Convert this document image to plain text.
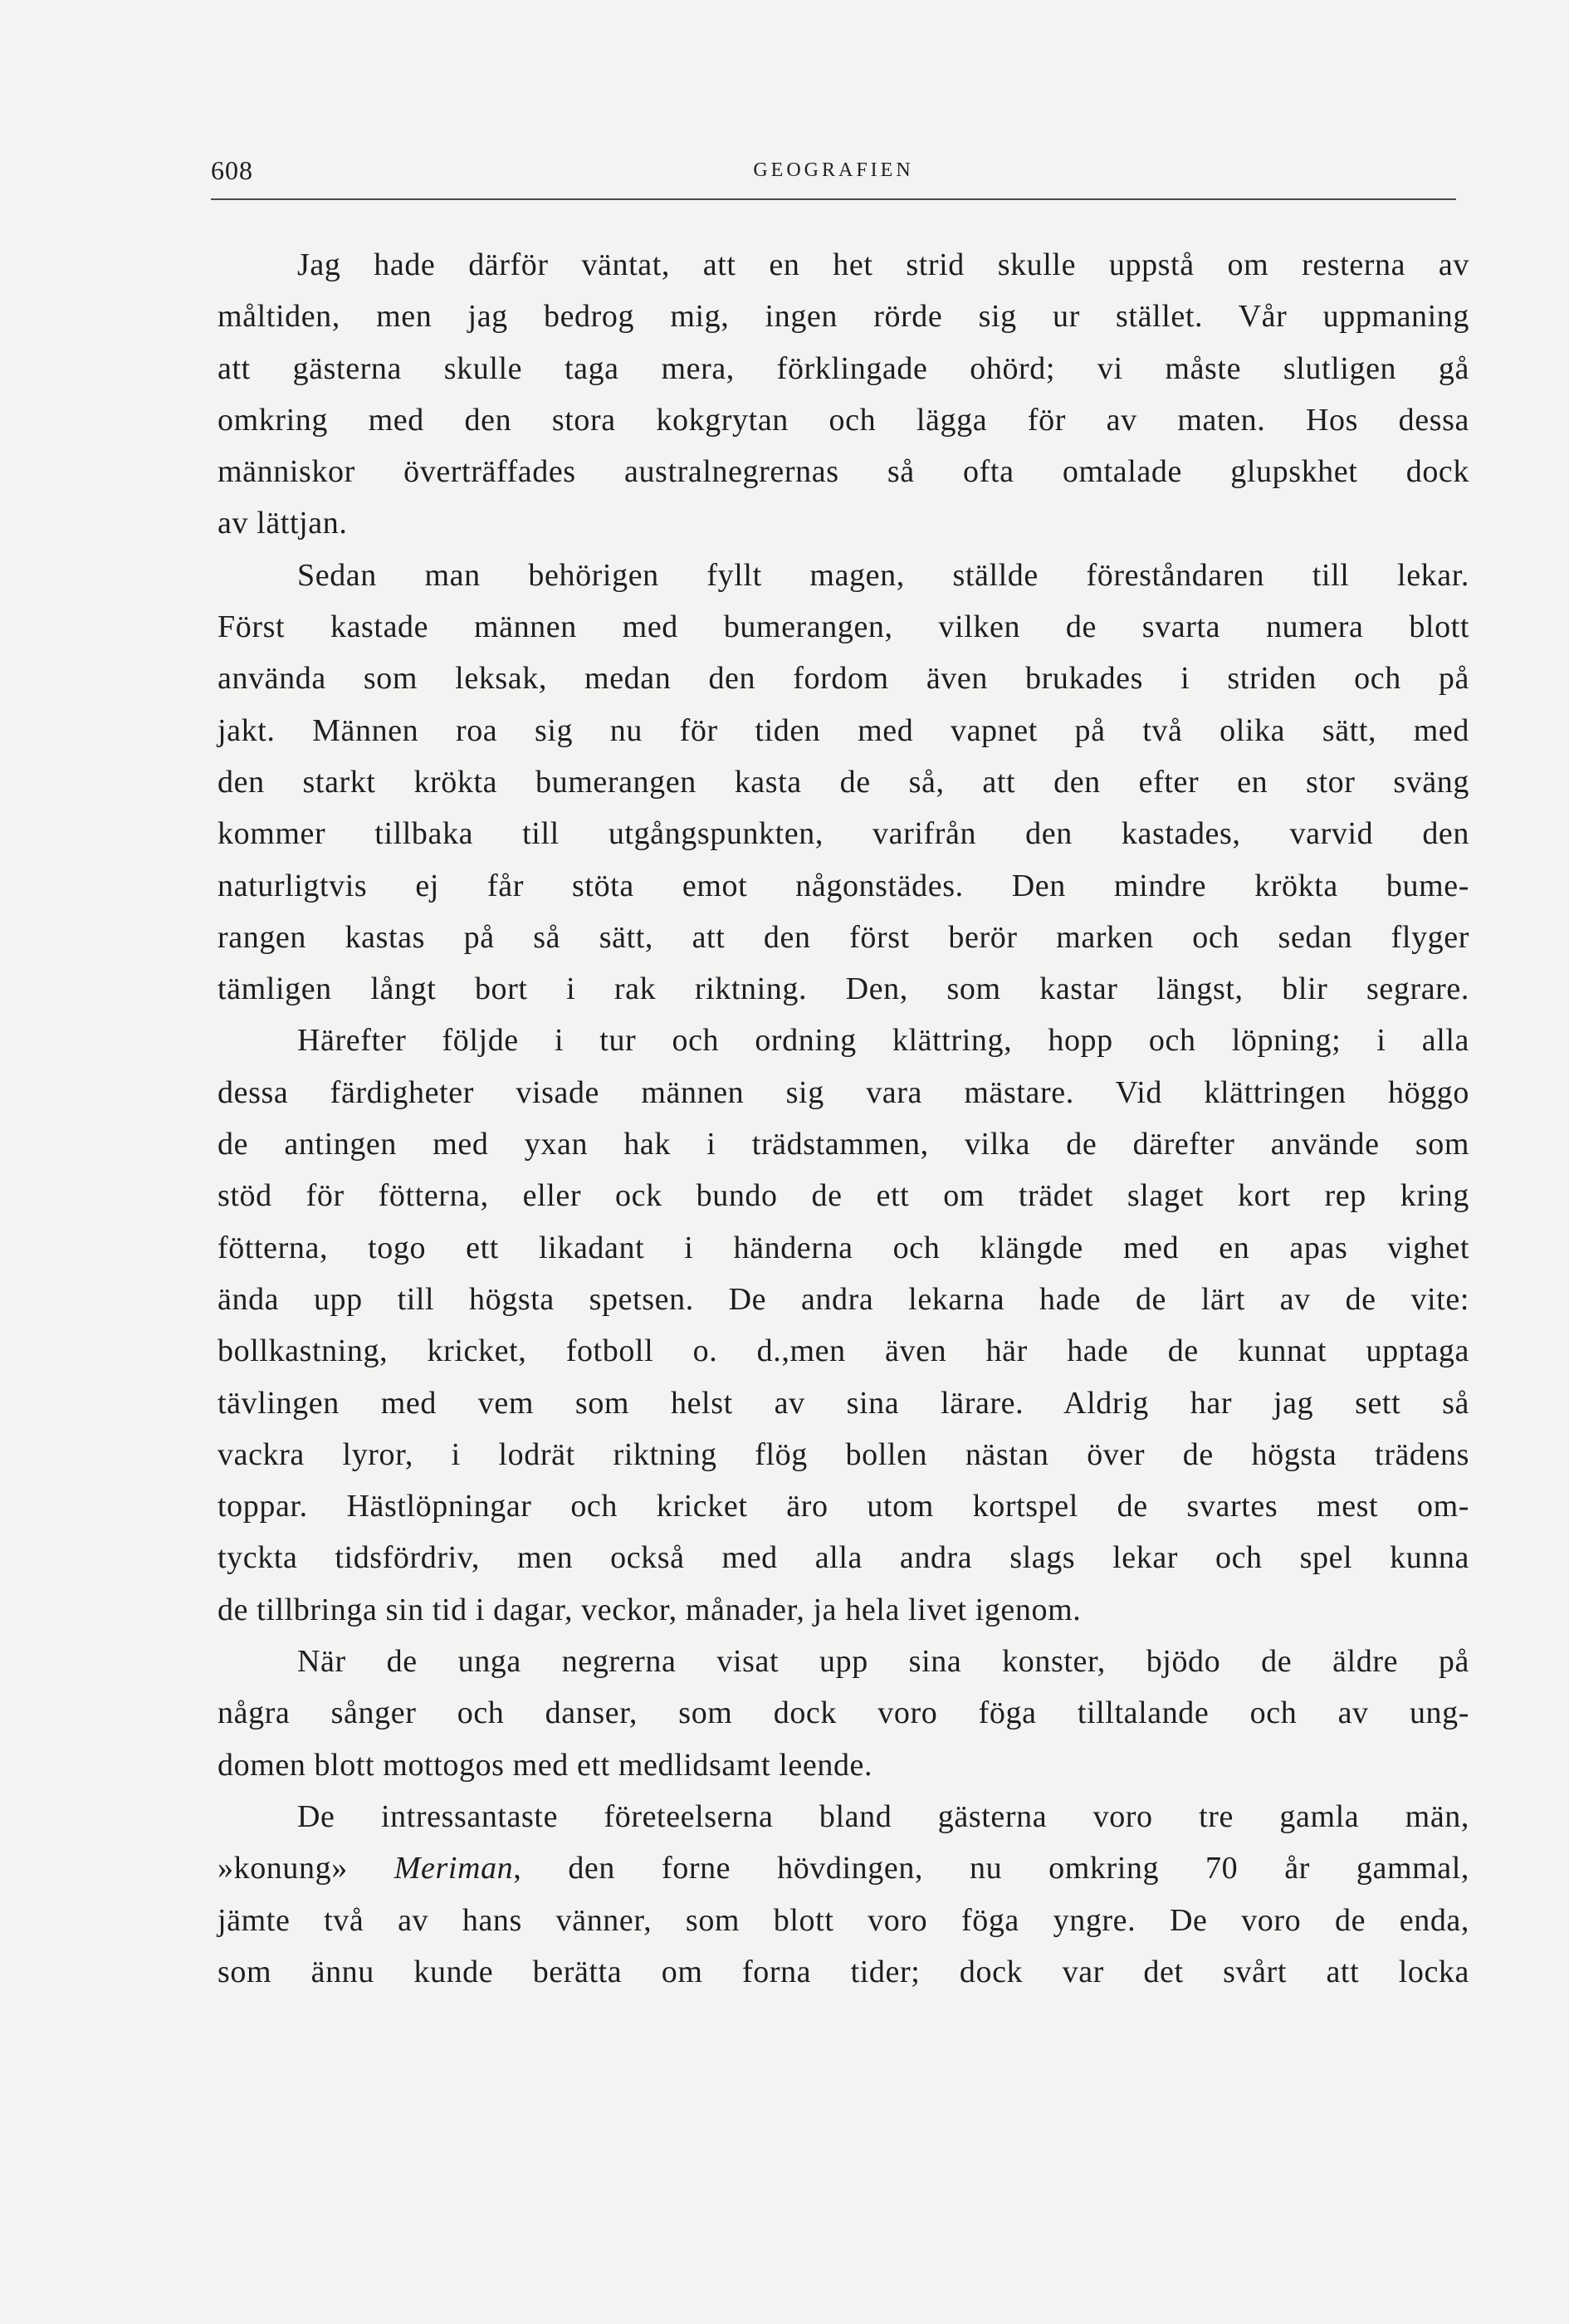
608	GEOGRAFIEN
Jag hade därför väntat, att en het strid skulle uppstå om resterna av
måltiden, men jag bedrog mig, ingen rörde sig ur stället. Vår uppmaning
att gästerna skulle taga mera, förklingade ohörd; vi måste slutligen gå
omkring med den stora kokgrytan och lägga för av maten. Hos dessa
människor överträffades australnegrernas så ofta omtalade glupskhet dock
av lättjan.
Sedan man behörigen fyllt magen, ställde föreståndaren till lekar.
Först kastade männen med bumerangen, vilken de svarta numera blott
använda som leksak, medan den fordom även brukades i striden och på
jakt. Männen roa sig nu för tiden med vapnet på två olika sätt, med
den starkt krökta bumerangen kasta de så, att den efter en stor sväng
kommer tillbaka till utgångspunkten, varifrån den kastades, varvid den
naturligtvis ej får stöta emot någonstädes. Den mindre krökta bume-
rangen kastas på så sätt, att den först berör marken och sedan flyger
tämligen långt bort i rak riktning. Den, som kastar längst, blir segrare.
Härefter följde i tur och ordning klättring, hopp och löpning; i alla
dessa färdigheter visade männen sig vara mästare. Vid klättringen höggo
de antingen med yxan hak i trädstammen, vilka de därefter använde som
stöd för fötterna, eller ock bundo de ett om trädet slaget kort rep kring
fötterna, togo ett likadant i händerna och klängde med en apas vighet
ända upp till högsta spetsen. De andra lekarna hade de lärt av de vite:
bollkastning, kricket, fotboll o. d.,men även här hade de kunnat upptaga
tävlingen med vem som helst av sina lärare. Aldrig har jag sett så
vackra lyror, i lodrät riktning flög bollen nästan över de högsta trädens
toppar. Hästlöpningar och kricket äro utom kortspel de svartes mest om-
tyckta tidsfördriv, men också med alla andra slags lekar och spel kunna
de tillbringa sin tid i dagar, veckor, månader, ja hela livet igenom.
När de unga negrerna visat upp sina konster, bjödo de äldre på
några sånger och danser, som dock voro föga tilltalande och av ung-
domen blott mottogos med ett medlidsamt leende.
De intressantaste företeelserna bland gästerna voro tre gamla män,
»konung» Meriman, den forne hövdingen, nu omkring 70 år gammal,
jämte två av hans vänner, som blott voro föga yngre. De voro de enda,
som ännu kunde berätta om forna tider; dock var det svårt att locka
